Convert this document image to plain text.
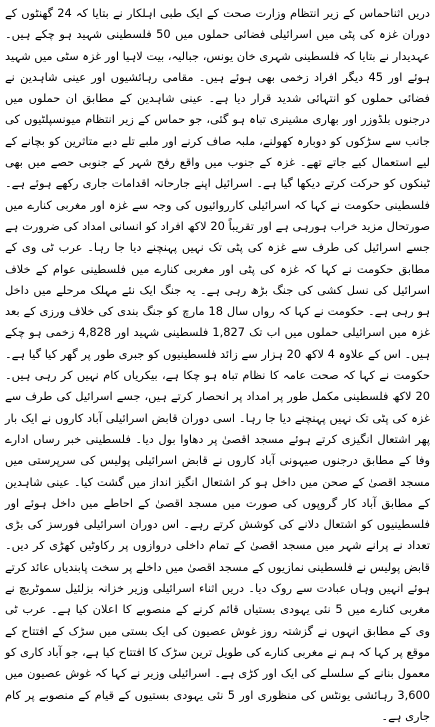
دریں اثناحماس کے زیر انتظام وزارت صحت کے ایک طبی اہلکار نے بتایا کہ 24 گھنٹوں کے دوران غزہ کی پٹی میں اسرائیلی فضائی حملوں میں 50 فلسطینی شہید ہو چکے ہیں۔ عہدیدار نے بتایا کہ فلسطینی شہری خان یونس، جبالیہ، بیت لاہیا اور غزہ سٹی میں شہید ہوئے اور 45 دیگر افراد زخمی بھی ہوئے ہیں۔ مقامی رہائشیوں اور عینی شاہدین نے فضائی حملوں کو انتہائی شدید قرار دیا ہے۔ عینی شاہدین کے مطابق ان حملوں میں درجنوں بلڈوزر اور بھاری مشینری تباہ ہو گئی، جو حماس کے زیر انتظام میونسپلٹیوں کی جانب سے سڑکوں کو دوبارہ کھولنے، ملبہ صاف کرنے اور ملبے تلے دبے متاثرین کو بچانے کے لیے استعمال کیے جاتے تھے۔ غزہ کے جنوب میں واقع رفح شہر کے جنوبی حصے میں بھی ٹینکوں کو حرکت کرتے دیکھا گیا ہے۔ اسرائیل اپنے جارحانہ اقدامات جاری رکھے ہوئے ہے۔ فلسطینی حکومت نے کہا کہ اسرائیلی کارروائیوں کی وجہ سے غزہ اور مغربی کنارے میں صورتحال مزید خراب ہورہی ہے اور تقریباً 20 لاکھ افراد کو انسانی امداد کی ضرورت ہے جسے اسرائیل کی طرف سے غزہ کی پٹی تک نہیں پہنچنے دیا جا رہا۔ عرب ٹی وی کے مطابق حکومت نے کہا کہ غزہ کی پٹی اور مغربی کنارے میں فلسطینی عوام کے خلاف اسرائیل کی نسل کشی کی جنگ بڑھ رہی ہے۔ یہ جنگ ایک نئے مہلک مرحلے میں داخل ہو رہی ہے۔ حکومت نے کہا کہ رواں سال 18 مارچ کو جنگ بندی کی خلاف ورزی کے بعد غزہ میں اسرائیلی حملوں میں اب تک 1,827 فلسطینی شہید اور 4,828 زخمی ہو چکے ہیں۔ اس کے علاوہ 4 لاکھ 20 ہزار سے زائد فلسطینیوں کو جبری طور پر گھر کیا گیا ہے۔ حکومت نے کہا کہ صحت عامہ کا نظام تباہ ہو چکا ہے، بیکریاں کام نہیں کر رہی ہیں۔ 20 لاکھ فلسطینی مکمل طور پر امداد پر انحصار کرتے ہیں، جسے اسرائیل کی طرف سے غزہ کی پٹی تک نہیں پہنچنے دیا جا رہا۔ اسی دوران قابض اسرائیلی آباد کاروں نے ایک بار پھر اشتعال انگیزی کرتے ہوئے مسجد اقصیٰ پر دھاوا بول دیا۔ فلسطینی خبر رساں ادارے وفا کے مطابق درجنوں صیہونی آباد کاروں نے قابض اسرائیلی پولیس کی سرپرستی میں مسجد اقصیٰ کے صحن میں داخل ہو کر اشتعال انگیز انداز میں گشت کیا۔ عینی شاہدین کے مطابق آباد کار گروپوں کی صورت میں مسجد اقصیٰ کے احاطے میں داخل ہوئے اور فلسطینیوں کو اشتعال دلانے کی کوشش کرتے رہے۔ اس دوران اسرائیلی فورسز کی بڑی تعداد نے پرانے شہر میں مسجد اقصیٰ کے تمام داخلی دروازوں پر رکاوٹیں کھڑی کر دیں۔ قابض پولیس نے فلسطینی نمازیوں کے مسجد اقصیٰ میں داخلے پر سخت پابندیاں عائد کرتے ہوئے انہیں وہاں عبادت سے روک دیا۔ دریں اثناء اسرائیلی وزیر خزانہ بزلئیل سموٹریچ نے مغربی کنارے میں 5 نئی یہودی بستیاں قائم کرنے کے منصوبے کا اعلان کیا ہے۔ عرب ٹی وی کے مطابق انہوں نے گزشتہ روز غوش عصیون کی ایک بستی میں سڑک کے افتتاح کے موقع پر کہا کہ ہم نے مغربی کنارے کی طویل ترین سڑک کا افتتاح کیا ہے، جو آباد کاری کو معمول بنانے کے سلسلے کی ایک اور کڑی ہے۔ اسرائیلی وزیر نے کہا کہ غوش عصیون میں 3,600 رہائشی یونٹس کی منظوری اور 5 نئی یہودی بستیوں کے قیام کے منصوبے پر کام جاری ہے۔
